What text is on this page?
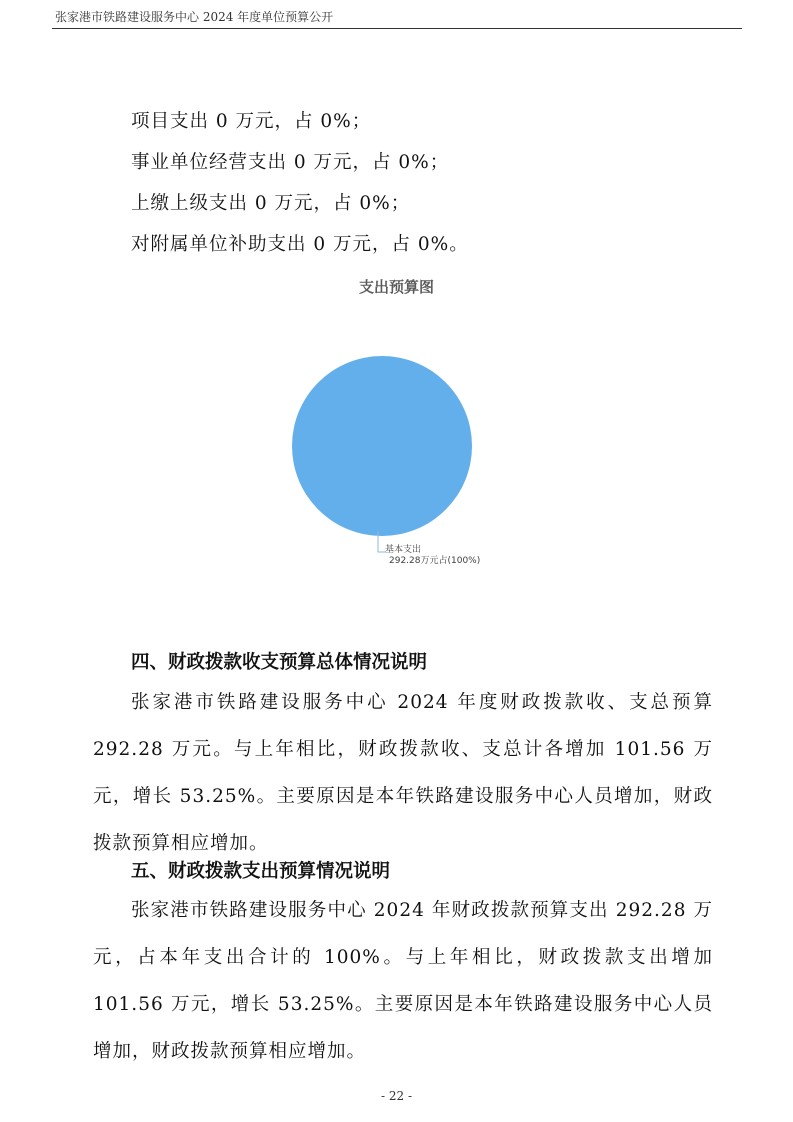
张家港市铁路建设服务中心 2024 年度单位预算公开

项目支出 0 万元，占 0%；

事业单位经营支出 0 万元，占 0%；

上缴上级支出 0 万元，占 0%；

对附属单位补助支出 0 万元，占 0%。

支出预算图

基本支出
292.28万元占(100%)

四、财政拨款收支预算总体情况说明

张家港市铁路建设服务中心 2024 年度财政拨款收、支总预算 292.28 万元。与上年相比，财政拨款收、支总计各增加 101.56 万元，增长 53.25%。主要原因是本年铁路建设服务中心人员增加，财政拨款预算相应增加。

五、财政拨款支出预算情况说明

张家港市铁路建设服务中心 2024 年财政拨款预算支出 292.28 万元，占本年支出合计的 100%。与上年相比，财政拨款支出增加 101.56 万元，增长 53.25%。主要原因是本年铁路建设服务中心人员增加，财政拨款预算相应增加。

- 22 -
